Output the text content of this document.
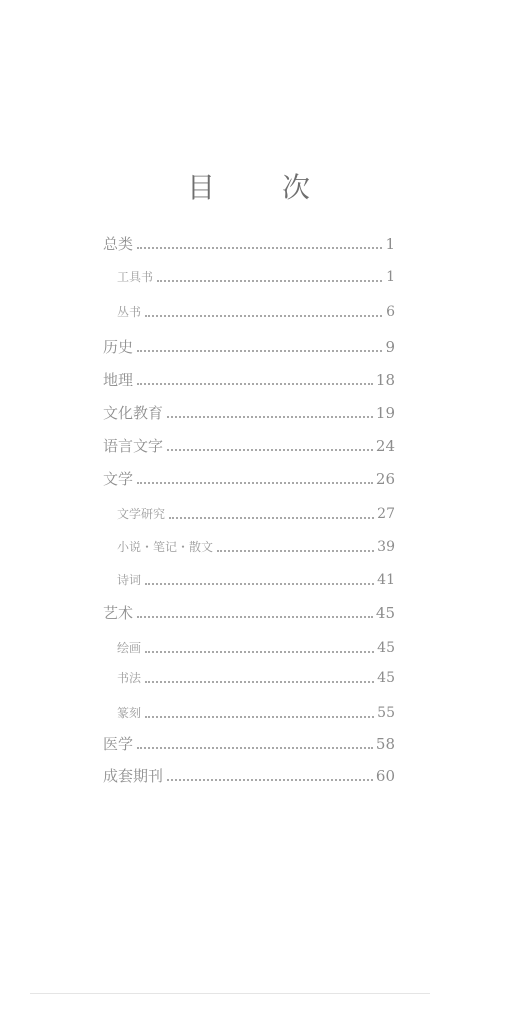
目 次
总类	1
工具书	1
丛书	6
历史	9
地理	18
文化教育	19
语言文字	24
文学	26
文学研究	27
小说・笔记・散文	39
诗词	41
艺术	45
绘画	45
书法	45
篆刻	55
医学	58
成套期刊	60
